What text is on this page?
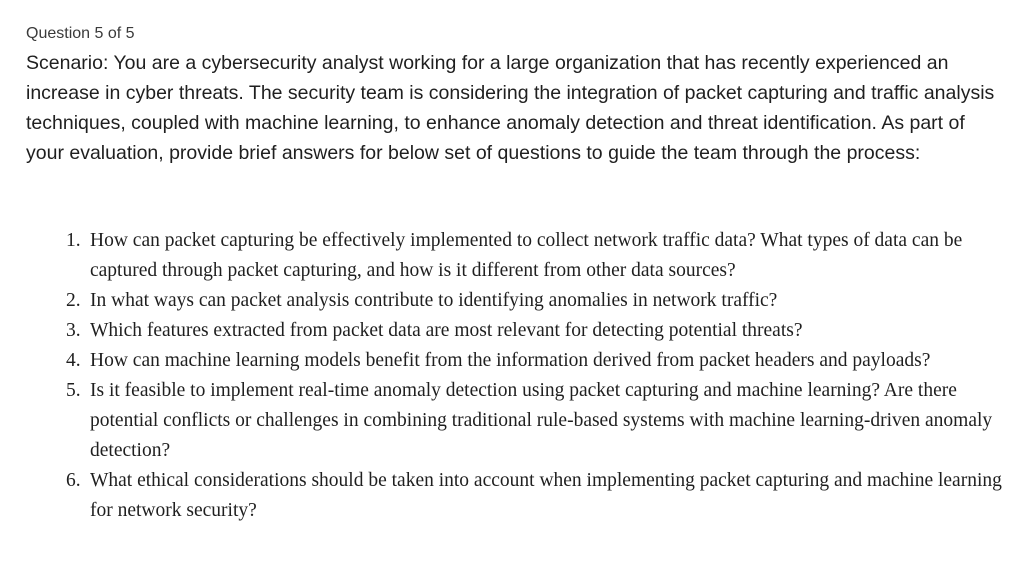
Question 5 of 5

Scenario: You are a cybersecurity analyst working for a large organization that has recently experienced an increase in cyber threats. The security team is considering the integration of packet capturing and traffic analysis techniques, coupled with machine learning, to enhance anomaly detection and threat identification. As part of your evaluation, provide brief answers for below set of questions to guide the team through the process:

1. How can packet capturing be effectively implemented to collect network traffic data? What types of data can be captured through packet capturing, and how is it different from other data sources?
2. In what ways can packet analysis contribute to identifying anomalies in network traffic?
3. Which features extracted from packet data are most relevant for detecting potential threats?
4. How can machine learning models benefit from the information derived from packet headers and payloads?
5. Is it feasible to implement real-time anomaly detection using packet capturing and machine learning? Are there potential conflicts or challenges in combining traditional rule-based systems with machine learning-driven anomaly detection?
6. What ethical considerations should be taken into account when implementing packet capturing and machine learning for network security?
